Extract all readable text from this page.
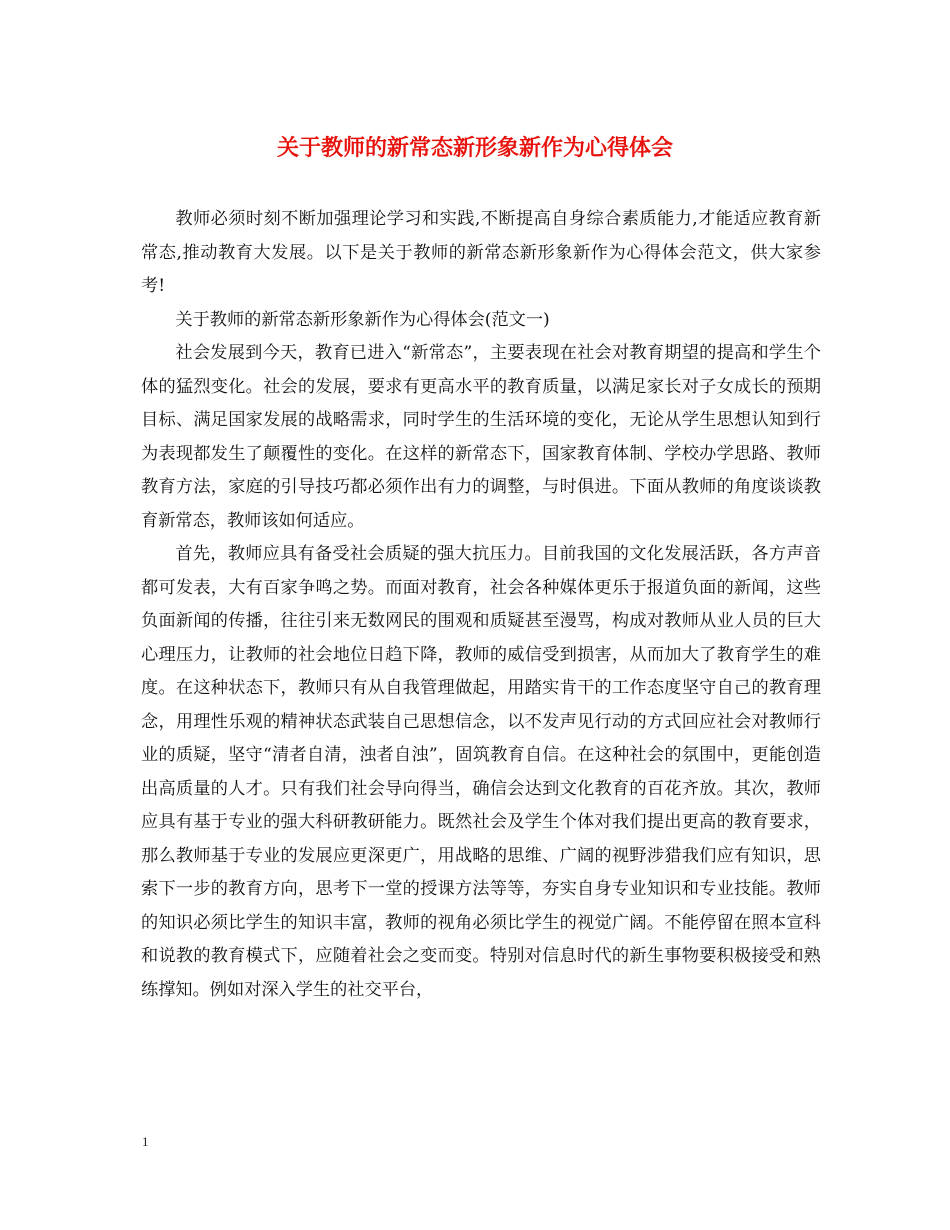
关于教师的新常态新形象新作为心得体会

教师必须时刻不断加强理论学习和实践,不断提高自身综合素质能力,才能适应教育新常态,推动教育大发展。以下是关于教师的新常态新形象新作为心得体会范文，供大家参考!

关于教师的新常态新形象新作为心得体会(范文一)

社会发展到今天，教育已进入“新常态”，主要表现在社会对教育期望的提高和学生个体的猛烈变化。社会的发展，要求有更高水平的教育质量，以满足家长对子女成长的预期目标、满足国家发展的战略需求，同时学生的生活环境的变化，无论从学生思想认知到行为表现都发生了颠覆性的变化。在这样的新常态下，国家教育体制、学校办学思路、教师教育方法，家庭的引导技巧都必须作出有力的调整，与时俱进。下面从教师的角度谈谈教育新常态，教师该如何适应。

首先，教师应具有备受社会质疑的强大抗压力。目前我国的文化发展活跃，各方声音都可发表，大有百家争鸣之势。而面对教育，社会各种媒体更乐于报道负面的新闻，这些负面新闻的传播，往往引来无数网民的围观和质疑甚至漫骂，构成对教师从业人员的巨大心理压力，让教师的社会地位日趋下降，教师的威信受到损害，从而加大了教育学生的难度。在这种状态下，教师只有从自我管理做起，用踏实肯干的工作态度坚守自己的教育理念，用理性乐观的精神状态武装自己思想信念，以不发声见行动的方式回应社会对教师行业的质疑，坚守“清者自清，浊者自浊”，固筑教育自信。在这种社会的氛围中，更能创造出高质量的人才。只有我们社会导向得当，确信会达到文化教育的百花齐放。其次，教师应具有基于专业的强大科研教研能力。既然社会及学生个体对我们提出更高的教育要求，那么教师基于专业的发展应更深更广，用战略的思维、广阔的视野涉猎我们应有知识，思索下一步的教育方向，思考下一堂的授课方法等等，夯实自身专业知识和专业技能。教师的知识必须比学生的知识丰富，教师的视角必须比学生的视觉广阔。不能停留在照本宣科和说教的教育模式下，应随着社会之变而变。特别对信息时代的新生事物要积极接受和熟练撑知。例如对深入学生的社交平台，

1
